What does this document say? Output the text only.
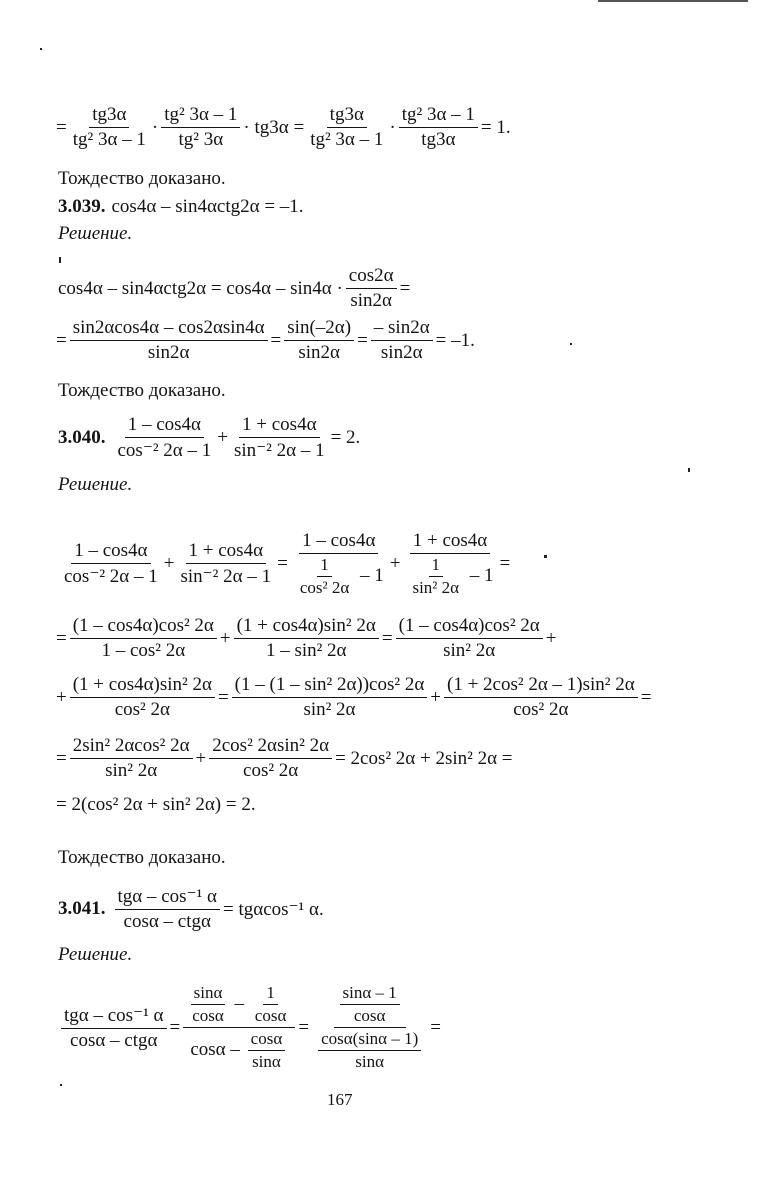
= $\frac{tg3\alpha}{\text{tg² 3α – 1}} \cdot \frac{\text{tg² 3α – 1}}{\text{tg² 3α}} \cdot tg3\alpha = \frac{tg3\alpha}{\text{tg² 3α – 1}} \cdot \frac{\text{tg² 3α – 1}}{tg3\alpha} = 1$.
Тождество доказано.
3.039. cos4α – sin4αctg2α = –1.
Решение.
$\cos 4\alpha - \sin 4\alpha ctg2\alpha = \cos 4\alpha - \sin 4\alpha \cdot \frac{\cos 2\alpha}{\sin 2\alpha}$ =
= $\frac{\sin 2\alpha\cos 4\alpha - \cos 2\alpha\sin 4\alpha}{\sin 2\alpha} = \frac{\sin(-2\alpha)}{\sin 2\alpha} = \frac{- \sin 2\alpha}{\sin 2\alpha} = -1$.
Тождество доказано.
3.040. $\frac{1 - \cos 4\alpha}{\text{cos⁻² 2α – 1}} + \frac{1 + \cos 4\alpha}{\text{sin⁻² 2α – 1}} = 2$.
Решение.
$\frac{1 - \cos 4\alpha}{\text{cos⁻² 2α – 1}} + \frac{1 + \cos 4\alpha}{\text{sin⁻² 2α – 1}} = \frac{1 - \cos 4\alpha}{\frac{1}{\text{cos² 2α}} - 1} + \frac{1 + \cos 4\alpha}{\frac{1}{\text{sin² 2α}} - 1}$ =
= $\frac{\text{(1 – cos4α)cos² 2α}}{\text{1 – cos² 2α}} + \frac{\text{(1 + cos4α)sin² 2α}}{\text{1 – sin² 2α}} = \frac{\text{(1 – cos4α)cos² 2α}}{\text{sin² 2α}}$ +
+ $\frac{\text{(1 + cos4α)sin² 2α}}{\text{cos² 2α}} = \frac{\text{(1 – (1 – sin² 2α))cos² 2α}}{\text{sin² 2α}} + \frac{\text{(1 + 2cos² 2α – 1)sin² 2α}}{\text{cos² 2α}}$ =
= $\frac{\text{2sin² 2αcos² 2α}}{\text{sin² 2α}} + \frac{\text{2cos² 2αsin² 2α}}{\text{cos² 2α}} = 2\cos^2$ 2α + 2sin² 2α =
= 2(cos² 2α + sin² 2α) = 2.
Тождество доказано.
3.041. $\frac{\text{tgα – cos⁻¹ α}}{\text{cosα – ctgα}} = tg\alpha\cos^{-1}$ α.
Решение.
$\frac{\text{tgα – cos⁻¹ α}}{\text{cosα – ctgα}}$ =
$\frac{\sin\alpha}{\cos\alpha} - \frac{1}{\cos\alpha}$
cosα – $\frac{\cos\alpha}{\sin\alpha}$
= $\frac{\frac{\sin\alpha - 1}{\cos\alpha}}{\frac{\cos\alpha(\sin\alpha - 1)}{\sin\alpha}}$ =
167
